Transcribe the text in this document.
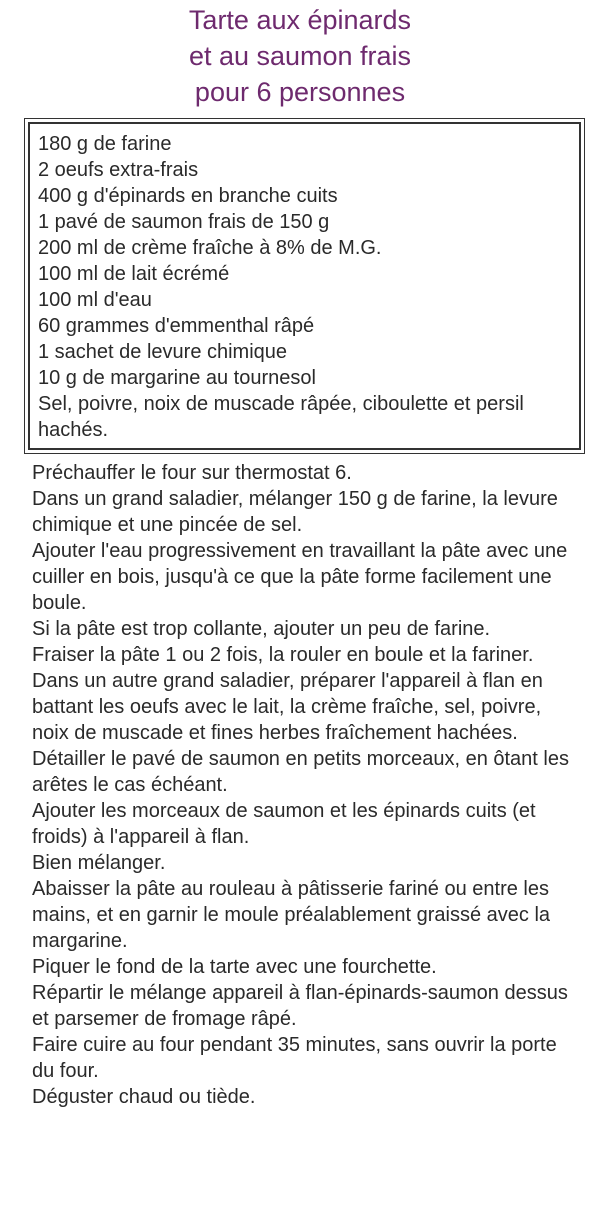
Tarte aux épinards
et au saumon frais
pour 6 personnes
180 g de farine
2 oeufs extra-frais
400 g d'épinards en branche cuits
1 pavé de saumon frais de 150 g
200 ml de crème fraîche à 8% de M.G.
100 ml de lait écrémé
100 ml d'eau
60 grammes d'emmenthal râpé
1 sachet de levure chimique
10 g de margarine au tournesol
Sel, poivre, noix de muscade râpée, ciboulette et persil hachés.
Préchauffer le four sur thermostat 6.
Dans un grand saladier, mélanger 150 g de farine, la levure chimique et une pincée de sel.
Ajouter l'eau progressivement en travaillant la pâte avec une cuiller en bois, jusqu'à ce que la pâte forme facilement une boule.
Si la pâte est trop collante, ajouter un peu de farine.
Fraiser la pâte 1 ou 2 fois, la rouler en boule et la fariner.
Dans un autre grand saladier, préparer l'appareil à flan en battant les oeufs avec le lait, la crème fraîche, sel, poivre, noix de muscade et fines herbes fraîchement hachées.
Détailler le pavé de saumon en petits morceaux, en ôtant les arêtes le cas échéant.
Ajouter les morceaux de saumon et les épinards cuits (et froids) à l'appareil à flan.
Bien mélanger.
Abaisser la pâte au rouleau à pâtisserie fariné ou entre les mains, et en garnir le moule préalablement graissé avec la margarine.
Piquer le fond de la tarte avec une fourchette.
Répartir le mélange appareil à flan-épinards-saumon dessus et parsemer de fromage râpé.
Faire cuire au four pendant 35 minutes, sans ouvrir la porte du four.
Déguster chaud ou tiède.
